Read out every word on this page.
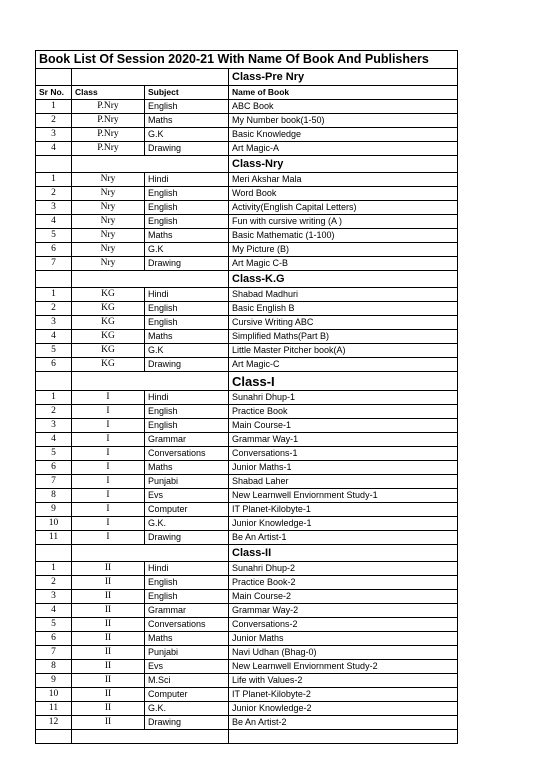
Book List Of Session 2020-21 With Name Of Book And Publishers			
			Class-Pre Nry
Sr No.	Class	Subject	Name of Book
1	P.Nry	English	ABC Book
2	P.Nry	Maths	My Number book(1-50)
3	P.Nry	G.K	Basic Knowledge
4	P.Nry	Drawing	Art Magic-A
			Class-Nry
1	Nry	Hindi	Meri Akshar Mala
2	Nry	English	Word Book
3	Nry	English	Activity(English Capital Letters)
4	Nry	English	Fun with cursive writing (A )
5	Nry	Maths	Basic Mathematic (1-100)
6	Nry	G.K	My Picture (B)
7	Nry	Drawing	Art Magic C-B
			Class-K.G
1	KG	Hindi	Shabad Madhuri
2	KG	English	Basic English B
3	KG	English	Cursive Writing ABC
4	KG	Maths	Simplified Maths(Part B)
5	KG	G.K	Little Master Pitcher book(A)
6	KG	Drawing	Art Magic-C
			Class-I
1	I	Hindi	Sunahri Dhup-1
2	I	English	Practice Book
3	I	English	Main Course-1
4	I	Grammar	Grammar Way-1
5	I	Conversations	Conversations-1
6	I	Maths	Junior Maths-1
7	I	Punjabi	Shabad Laher
8	I	Evs	New Learnwell Enviornment Study-1
9	I	Computer	IT Planet-Kilobyte-1
10	I	G.K.	Junior Knowledge-1
11	I	Drawing	Be An Artist-1
			Class-II
1	II	Hindi	Sunahri Dhup-2
2	II	English	Practice Book-2
3	II	English	Main Course-2
4	II	Grammar	Grammar Way-2
5	II	Conversations	Conversations-2
6	II	Maths	Junior Maths
7	II	Punjabi	Navi Udhan (Bhag-0)
8	II	Evs	New Learnwell Enviornment Study-2
9	II	M.Sci	Life with Values-2
10	II	Computer	IT Planet-Kilobyte-2
11	II	G.K.	Junior Knowledge-2
12	II	Drawing	Be An Artist-2
